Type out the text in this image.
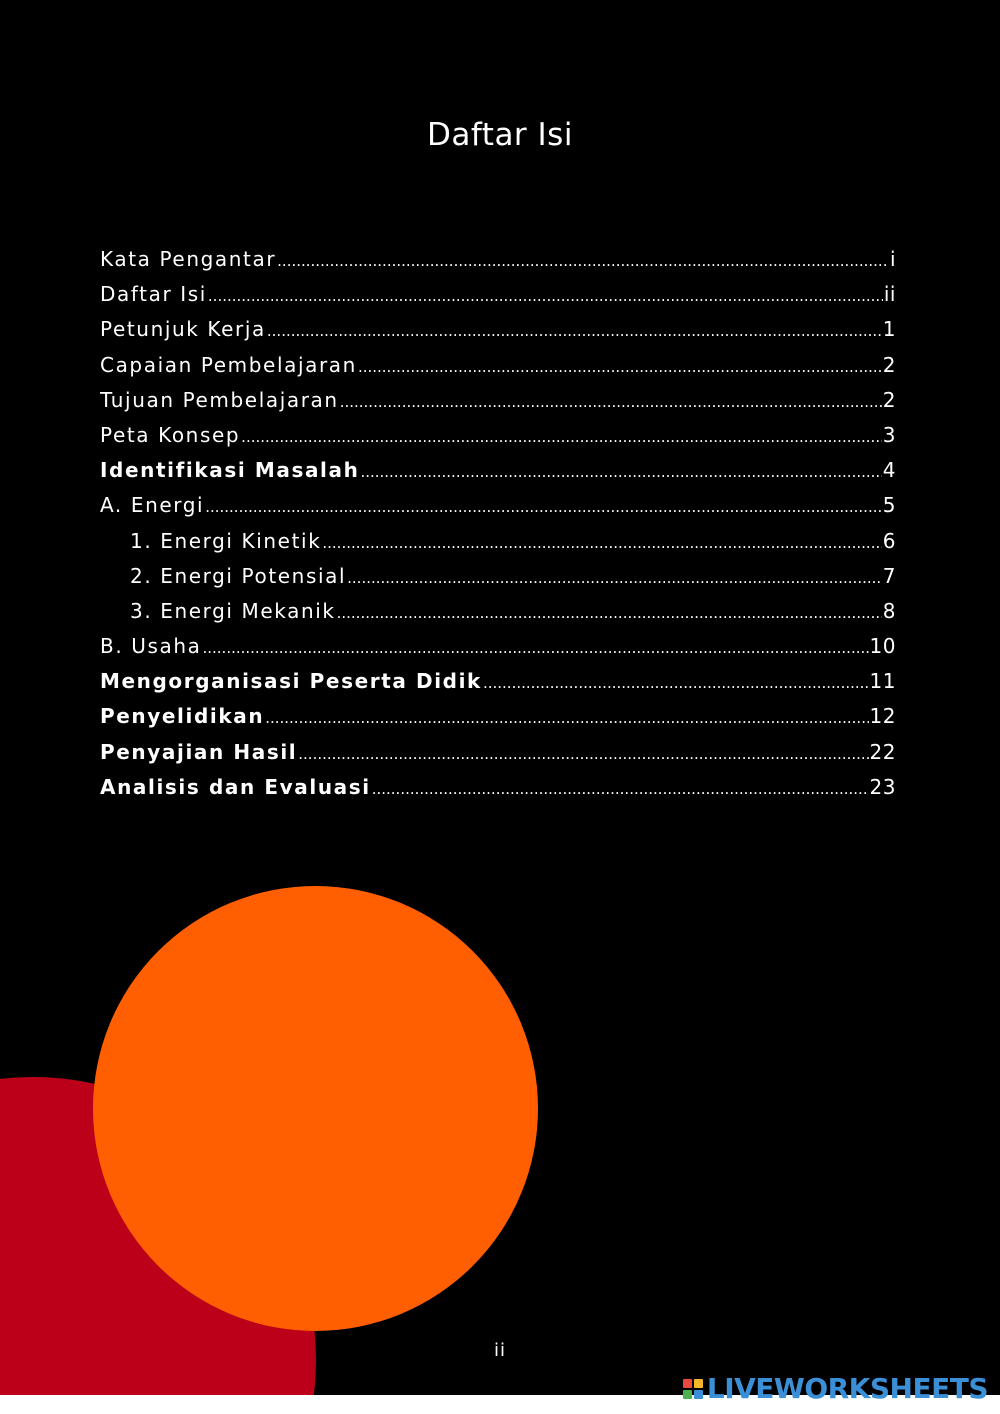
Daftar Isi
Kata Pengantar .....	i
Daftar Isi .....	ii
Petunjuk Kerja .....	1
Capaian Pembelajaran .....	2
Tujuan Pembelajaran .....	2
Peta Konsep .....	3
Identifikasi Masalah .....	4
A. Energi .....	5
1. Energi Kinetik .....	6
2. Energi Potensial .....	7
3. Energi Mekanik .....	8
B. Usaha .....	10
Mengorganisasi Peserta Didik .....	11
Penyelidikan .....	12
Penyajian Hasil .....	22
Analisis dan Evaluasi .....	23
ii
LIVEWORKSHEETS
